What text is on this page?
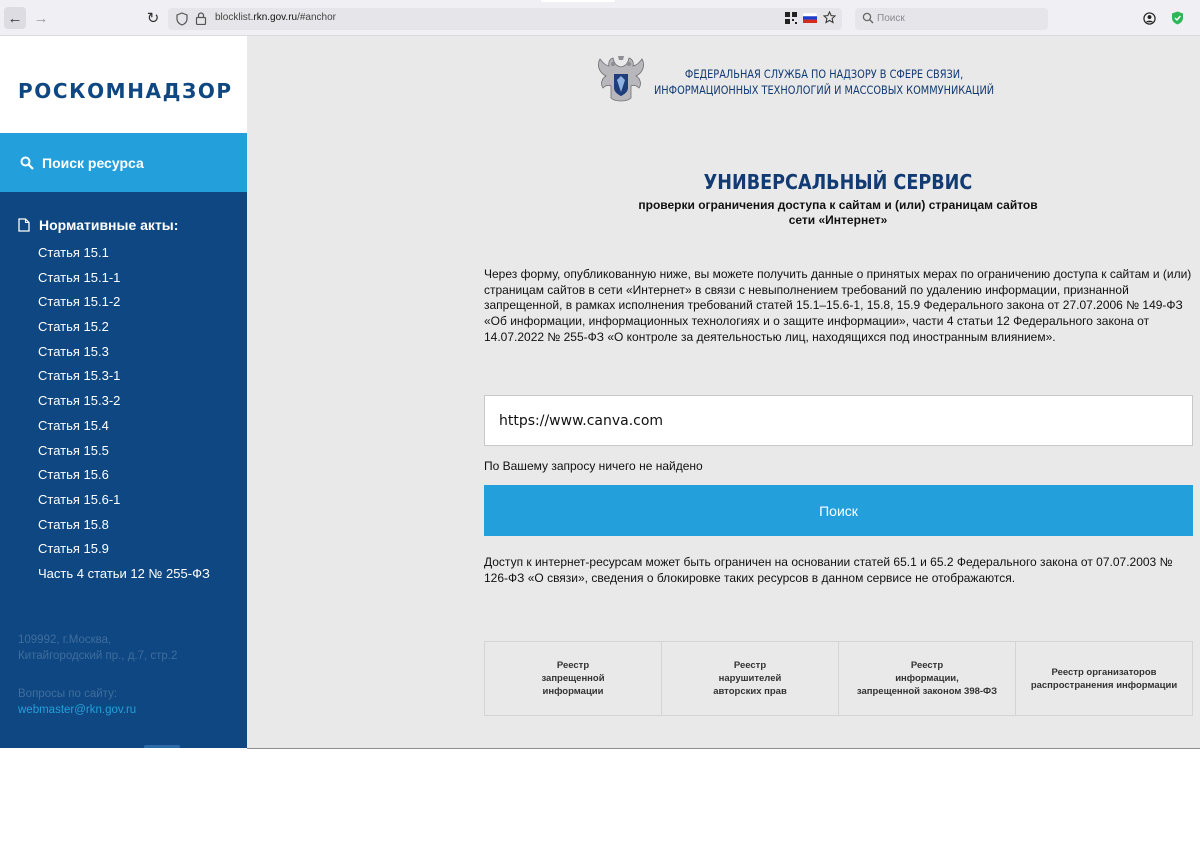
← →	↻	blocklist.rkn.gov.ru/#anchor	Поиск
РОСКОМНАДЗОР
Поиск ресурса
Нормативные акты:
Статья 15.1
Статья 15.1-1
Статья 15.1-2
Статья 15.2
Статья 15.3
Статья 15.3-1
Статья 15.3-2
Статья 15.4
Статья 15.5
Статья 15.6
Статья 15.6-1
Статья 15.8
Статья 15.9
Часть 4 статьи 12 № 255-ФЗ
109992, г.Москва,
Китайгородский пр., д.7, стр.2
Вопросы по сайту:
webmaster@rkn.gov.ru
ФЕДЕРАЛЬНАЯ СЛУЖБА ПО НАДЗОРУ В СФЕРЕ СВЯЗИ,
ИНФОРМАЦИОННЫХ ТЕХНОЛОГИЙ И МАССОВЫХ КОММУНИКАЦИЙ
УНИВЕРСАЛЬНЫЙ СЕРВИС
проверки ограничения доступа к сайтам и (или) страницам сайтов
сети «Интернет»

Через форму, опубликованную ниже, вы можете получить данные о принятых мерах по ограничению доступа к сайтам и (или) страницам сайтов в сети «Интернет» в связи с невыполнением требований по удалению информации, признанной запрещенной, в рамках исполнения требований статей 15.1–15.6-1, 15.8, 15.9 Федерального закона от 27.07.2006 № 149-ФЗ «Об информации, информационных технологиях и о защите информации», части 4 статьи 12 Федерального закона от 14.07.2022 № 255-ФЗ «О контроле за деятельностью лиц, находящихся под иностранным влиянием».

https://www.canva.com
По Вашему запросу ничего не найдено
Поиск

Доступ к интернет-ресурсам может быть ограничен на основании статей 65.1 и 65.2 Федерального закона от 07.07.2003 № 126-ФЗ «О связи», сведения о блокировке таких ресурсов в данном сервисе не отображаются.

Реестр
запрещенной
информации
Реестр
нарушителей
авторских прав
Реестр
информации,
запрещенной законом 398-ФЗ
Реестр организаторов
распространения информации
